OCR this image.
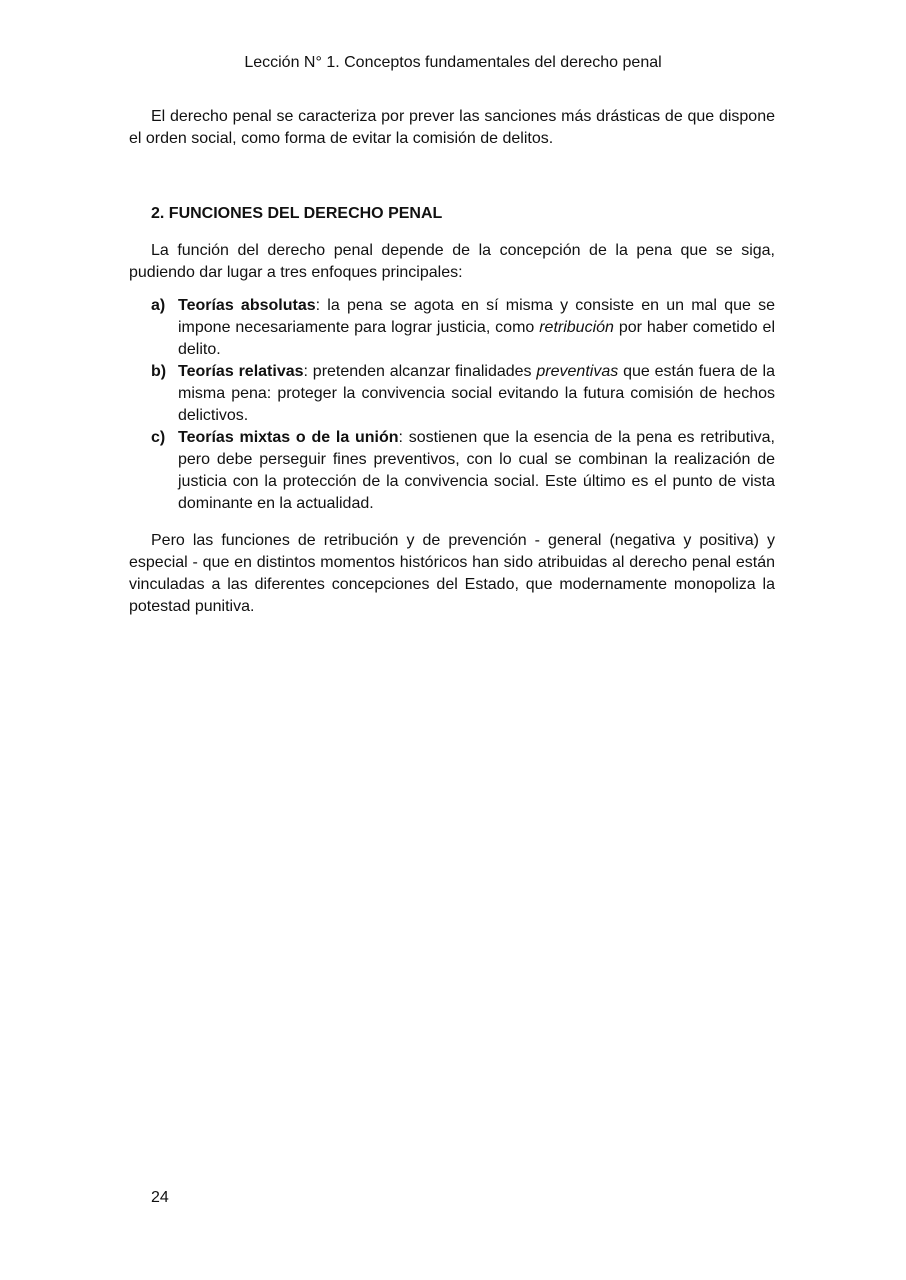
Lección N° 1. Conceptos fundamentales del derecho penal

El derecho penal se caracteriza por prever las sanciones más drásticas de que dispone el orden social, como forma de evitar la comisión de delitos.

2. FUNCIONES DEL DERECHO PENAL

La función del derecho penal depende de la concepción de la pena que se siga, pudiendo dar lugar a tres enfoques principales:

a) Teorías absolutas: la pena se agota en sí misma y consiste en un mal que se impone necesariamente para lograr justicia, como retribución por haber cometido el delito.
b) Teorías relativas: pretenden alcanzar finalidades preventivas que están fuera de la misma pena: proteger la convivencia social evitando la futura comisión de hechos delictivos.
c) Teorías mixtas o de la unión: sostienen que la esencia de la pena es retributiva, pero debe perseguir fines preventivos, con lo cual se combinan la realización de justicia con la protección de la convivencia social. Este último es el punto de vista dominante en la actualidad.

Pero las funciones de retribución y de prevención - general (negativa y positiva) y especial - que en distintos momentos históricos han sido atribuidas al derecho penal están vinculadas a las diferentes concepciones del Estado, que modernamente monopoliza la potestad punitiva.

24
